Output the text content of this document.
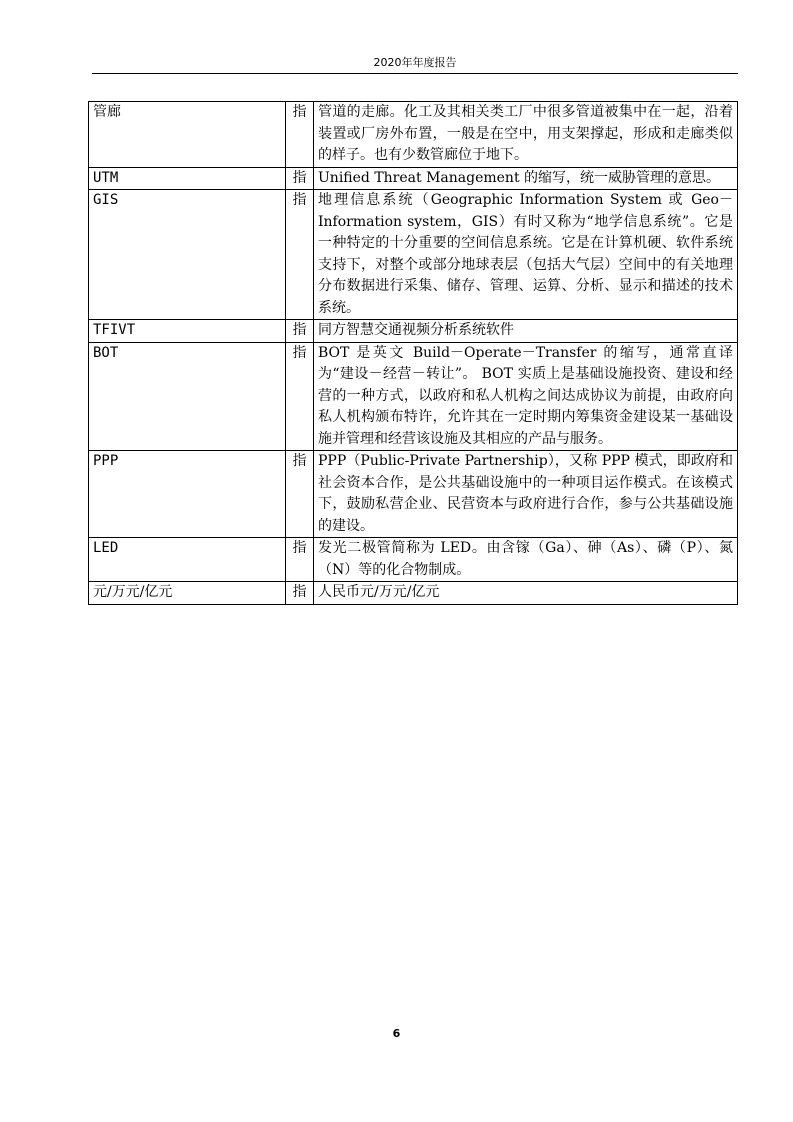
2020年年度报告
管廊	指	管道的走廊。化工及其相关类工厂中很多管道被集中在一起，沿着装置或厂房外布置，一般是在空中，用支架撑起，形成和走廊类似的样子。也有少数管廊位于地下。
UTM	指	Unified Threat Management 的缩写，统一威胁管理的意思。
GIS	指	地理信息系统（Geographic Information System 或 Geo－Information system，GIS）有时又称为“地学信息系统”。它是一种特定的十分重要的空间信息系统。它是在计算机硬、软件系统支持下，对整个或部分地球表层（包括大气层）空间中的有关地理分布数据进行采集、储存、管理、运算、分析、显示和描述的技术系统。
TFIVT	指	同方智慧交通视频分析系统软件
BOT	指	BOT 是英文 Build－Operate－Transfer 的缩写，通常直译为“建设－经营－转让”。 BOT 实质上是基础设施投资、建设和经营的一种方式，以政府和私人机构之间达成协议为前提，由政府向私人机构颁布特许，允许其在一定时期内筹集资金建设某一基础设施并管理和经营该设施及其相应的产品与服务。
PPP	指	PPP（Public-Private Partnership），又称 PPP 模式，即政府和社会资本合作，是公共基础设施中的一种项目运作模式。在该模式下，鼓励私营企业、民营资本与政府进行合作，参与公共基础设施的建设。
LED	指	发光二极管简称为 LED。由含镓（Ga）、砷（As）、磷（P）、氮（N）等的化合物制成。
元/万元/亿元	指	人民币元/万元/亿元
6
